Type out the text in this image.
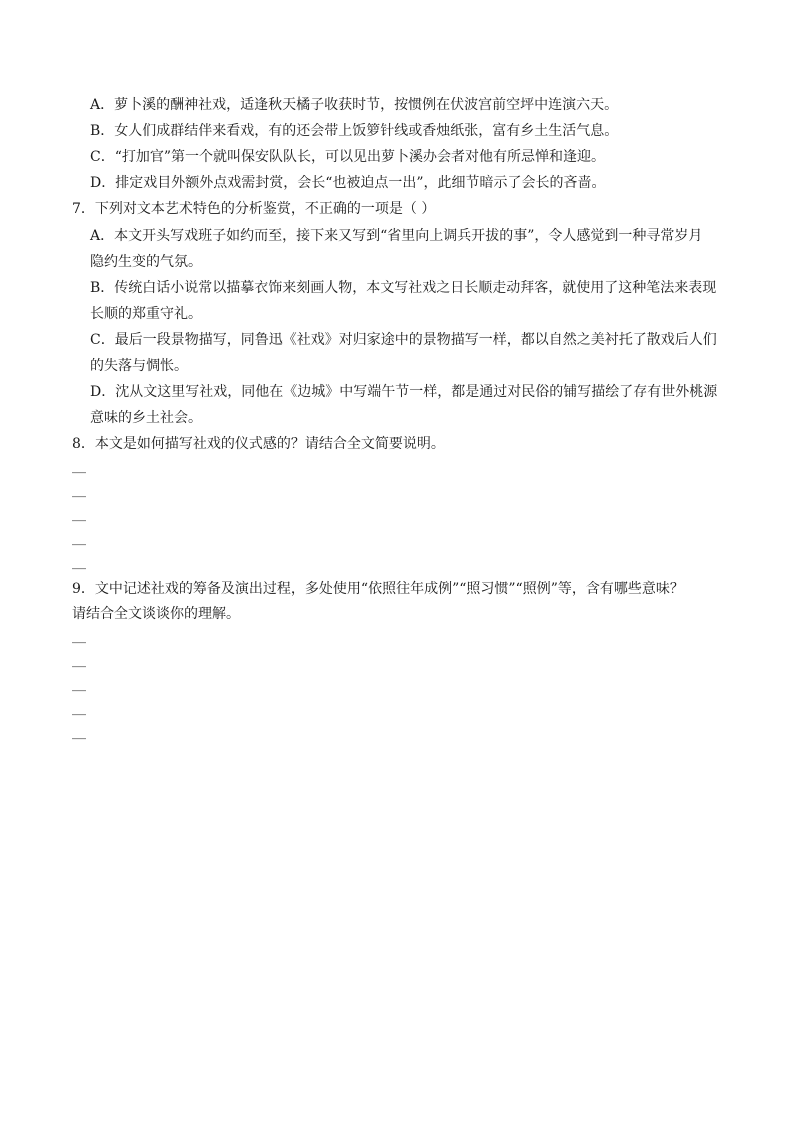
A．萝卜溪的酬神社戏，适逢秋天橘子收获时节，按惯例在伏波宫前空坪中连演六天。
B．女人们成群结伴来看戏，有的还会带上饭箩针线或香烛纸张，富有乡土生活气息。
C．“打加官”第一个就叫保安队队长，可以见出萝卜溪办会者对他有所忌惮和逢迎。
D．排定戏目外额外点戏需封赏，会长“也被迫点一出”，此细节暗示了会长的吝啬。
7．下列对文本艺术特色的分析鉴赏，不正确的一项是（ ）
A．本文开头写戏班子如约而至，接下来又写到“省里向上调兵开拔的事”，令人感觉到一种寻常岁月
隐约生变的气氛。
B．传统白话小说常以描摹衣饰来刻画人物，本文写社戏之日长顺走动拜客，就使用了这种笔法来表现
长顺的郑重守礼。
C．最后一段景物描写，同鲁迅《社戏》对归家途中的景物描写一样，都以自然之美衬托了散戏后人们
的失落与惆怅。
D．沈从文这里写社戏，同他在《边城》中写端午节一样，都是通过对民俗的铺写描绘了存有世外桃源
意味的乡土社会。
8．本文是如何描写社戏的仪式感的？请结合全文简要说明。
__
__
__
__
__
9．文中记述社戏的筹备及演出过程，多处使用“依照往年成例”“照习惯”“照例”等，含有哪些意味？
请结合全文谈谈你的理解。
__
__
__
__
__
